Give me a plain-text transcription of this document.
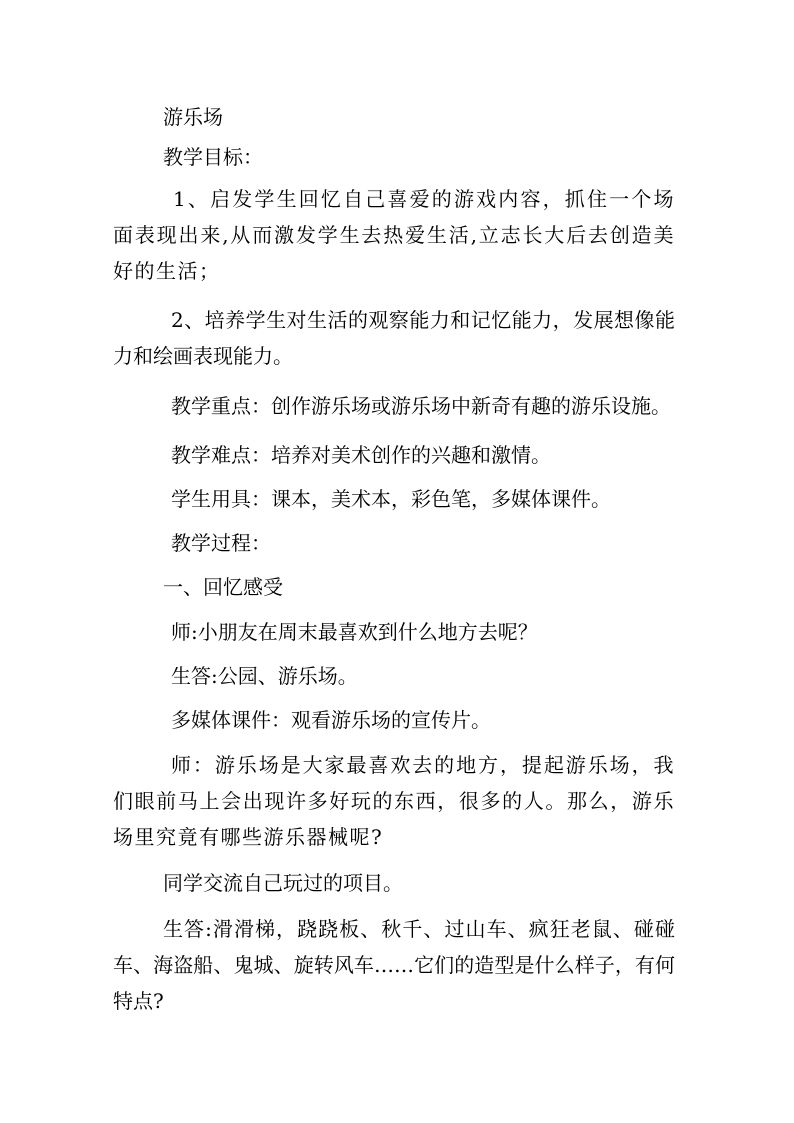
游乐场

教学目标：

1、启发学生回忆自己喜爱的游戏内容，抓住一个场面表现出来,从而激发学生去热爱生活,立志长大后去创造美好的生活；

2、培养学生对生活的观察能力和记忆能力，发展想像能力和绘画表现能力。

教学重点：创作游乐场或游乐场中新奇有趣的游乐设施。

教学难点：培养对美术创作的兴趣和激情。

学生用具：课本，美术本，彩色笔，多媒体课件。

教学过程：

一、回忆感受

师:小朋友在周末最喜欢到什么地方去呢？

生答:公园、游乐场。

多媒体课件：观看游乐场的宣传片。

师：游乐场是大家最喜欢去的地方，提起游乐场，我们眼前马上会出现许多好玩的东西，很多的人。那么，游乐场里究竟有哪些游乐器械呢?

同学交流自己玩过的项目。

生答:滑滑梯，跷跷板、秋千、过山车、疯狂老鼠、碰碰车、海盗船、鬼城、旋转风车……它们的造型是什么样子，有何特点?
